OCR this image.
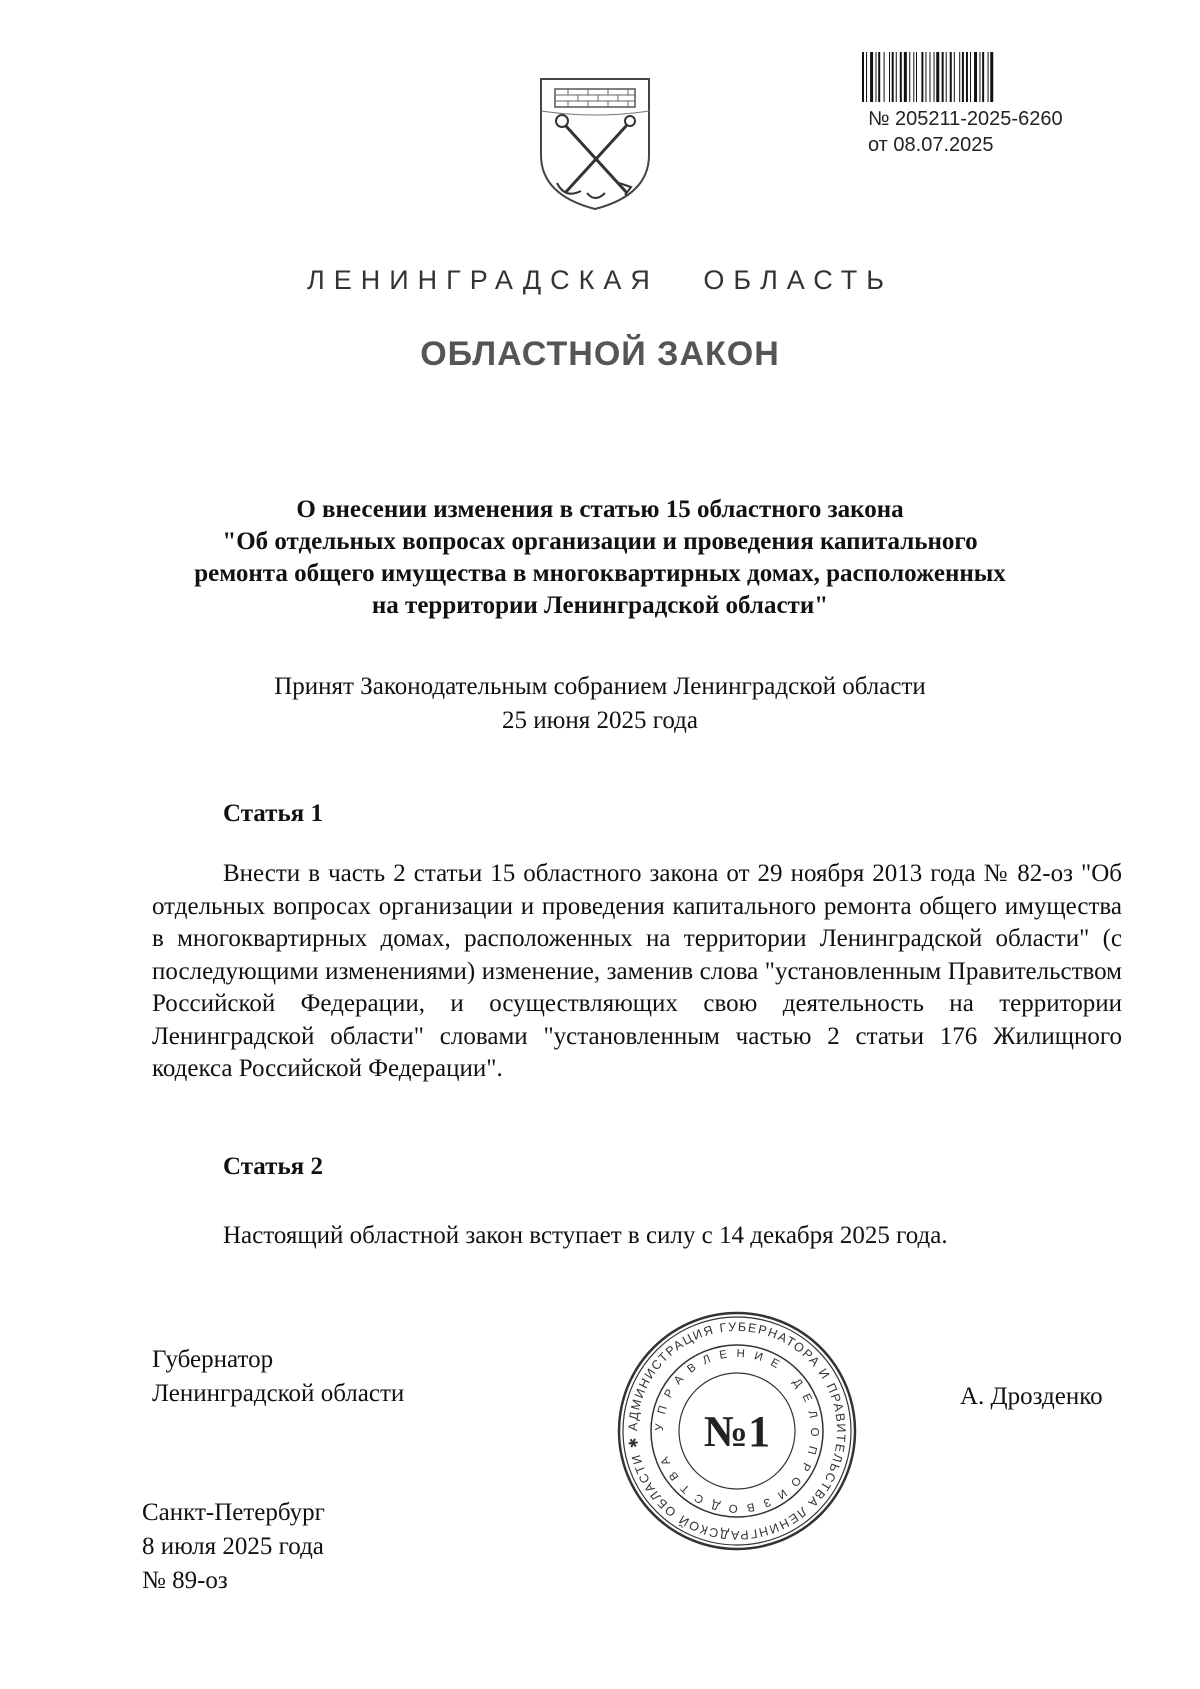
№ 205211-2025-6260
от 08.07.2025
ЛЕНИНГРАДСКАЯ ОБЛАСТЬ
ОБЛАСТНОЙ ЗАКОН
О внесении изменения в статью 15 областного закона
"Об отдельных вопросах организации и проведения капитального
ремонта общего имущества в многоквартирных домах, расположенных
на территории Ленинградской области"
Принят Законодательным собранием Ленинградской области
25 июня 2025 года
Статья 1
Внести в часть 2 статьи 15 областного закона от 29 ноября 2013 года № 82-оз "Об отдельных вопросах организации и проведения капитального ремонта общего имущества в многоквартирных домах, расположенных на территории Ленинградской области" (с последующими изменениями) изменение, заменив слова "установленным Правительством Российской Федерации, и осуществляющих свою деятельность на территории Ленинградской области" словами "установленным частью 2 статьи 176 Жилищного кодекса Российской Федерации".
Статья 2
Настоящий областной закон вступает в силу с 14 декабря 2025 года.
Губернатор
Ленинградской области	А. Дрозденко
Санкт-Петербург
8 июля 2025 года
№ 89-оз
АДМИНИСТРАЦИЯ ГУБЕРНАТОРА И ПРАВИТЕЛЬСТВА ЛЕНИНГРАДСКОЙ ОБЛАСТИ ✱
УПРАВЛЕНИЕ ДЕЛОПРОИЗВОДСТВА
№1
